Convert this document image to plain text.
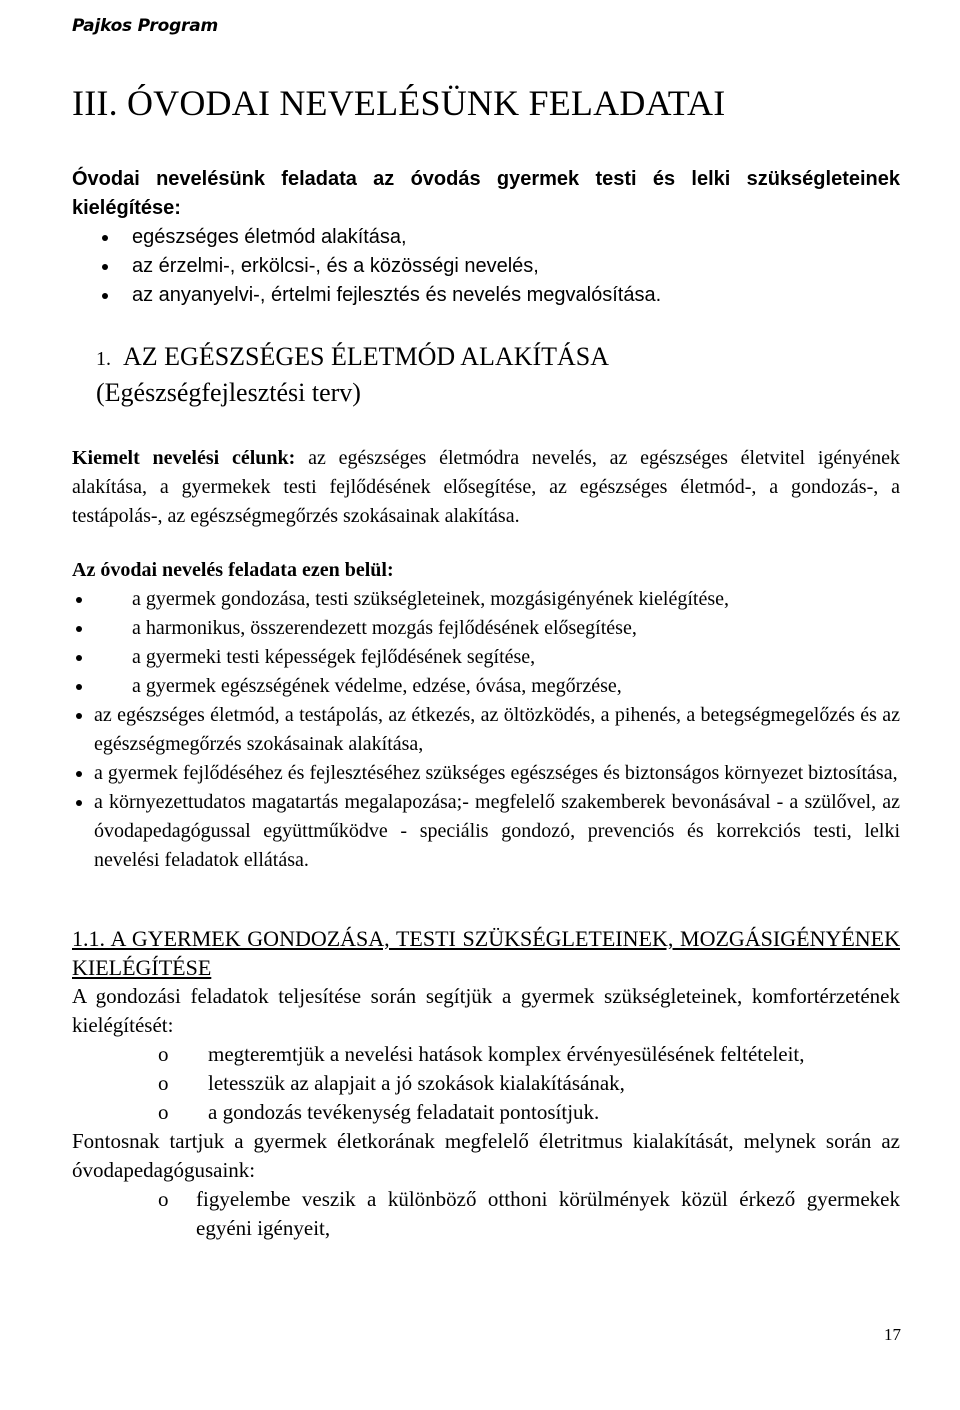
Pajkos Program
III. ÓVODAI NEVELÉSÜNK FELADATAI

Óvodai nevelésünk feladata az óvodás gyermek testi és lelki szükségleteinek kielégítése:

egészséges életmód alakítása,
az érzelmi-, erkölcsi-, és a közösségi nevelés,
az anyanyelvi-, értelmi fejlesztés és nevelés megvalósítása.
1. AZ EGÉSZSÉGES ÉLETMÓD ALAKÍTÁSA
(Egészségfejlesztési terv)

Kiemelt nevelési célunk: az egészséges életmódra nevelés, az egészséges életvitel igényének alakítása, a gyermekek testi fejlődésének elősegítése, az egészséges életmód-, a gondozás-, a testápolás-, az egészségmegőrzés szokásainak alakítása.

Az óvodai nevelés feladata ezen belül:

a gyermek gondozása, testi szükségleteinek, mozgásigényének kielégítése,
a harmonikus, összerendezett mozgás fejlődésének elősegítése,
a gyermeki testi képességek fejlődésének segítése,
a gyermek egészségének védelme, edzése, óvása, megőrzése,
az egészséges életmód, a testápolás, az étkezés, az öltözködés, a pihenés, a betegségmegelőzés és az egészségmegőrzés szokásainak alakítása,
a gyermek fejlődéséhez és fejlesztéséhez szükséges egészséges és biztonságos környezet biztosítása,
a környezettudatos magatartás megalapozása;- megfelelő szakemberek bevonásával - a szülővel, az óvodapedagógussal együttműködve - speciális gondozó, prevenciós és korrekciós testi, lelki nevelési feladatok ellátása.
1.1. A GYERMEK GONDOZÁSA, TESTI SZÜKSÉGLETEINEK, MOZGÁSIGÉNYÉNEK KIELÉGÍTÉSE

A gondozási feladatok teljesítése során segítjük a gyermek szükségleteinek, komfortérzetének kielégítését:

o megteremtjük a nevelési hatások komplex érvényesülésének feltételeit,
o letesszük az alapjait a jó szokások kialakításának,
o a gondozás tevékenység feladatait pontosítjuk.

Fontosnak tartjuk a gyermek életkorának megfelelő életritmus kialakítását, melynek során az óvodapedagógusaink:

o figyelembe veszik a különböző otthoni körülmények közül érkező gyermekek egyéni igényeit,
17
